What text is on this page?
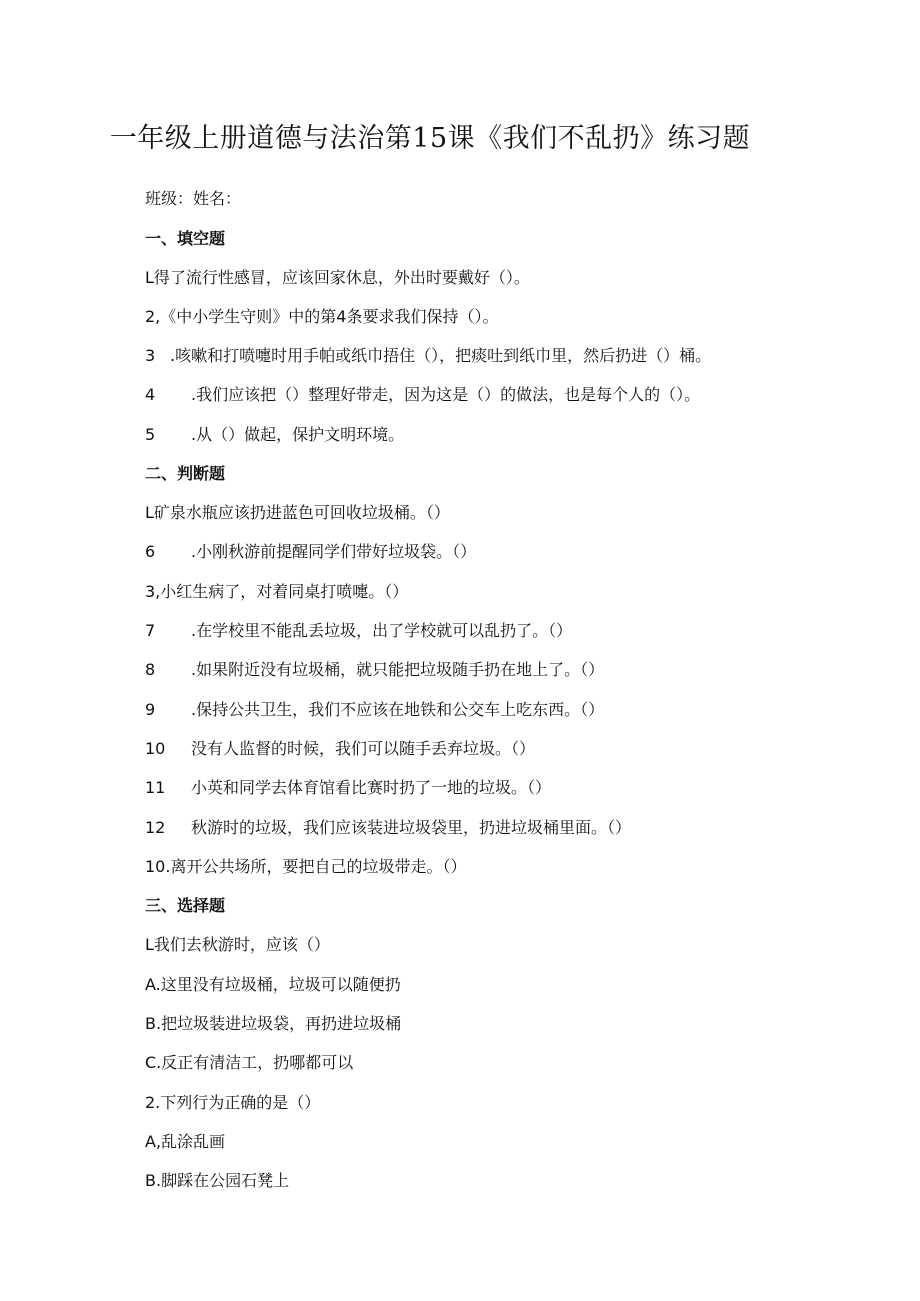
一年级上册道德与法治第15课《我们不乱扔》练习题
班级：姓名：
一、填空题
L得了流行性感冒，应该回家休息，外出时要戴好（）。
2,《中小学生守则》中的第4条要求我们保持（）。
3 .咳嗽和打喷嚏时用手帕或纸巾捂住（），把痰吐到纸巾里，然后扔进（）桶。
4 .我们应该把（）整理好带走，因为这是（）的做法，也是每个人的（）。
5 .从（）做起，保护文明环境。
二、判断题
L矿泉水瓶应该扔进蓝色可回收垃圾桶。（）
6 .小刚秋游前提醒同学们带好垃圾袋。（）
3,小红生病了，对着同桌打喷嚏。（）
7 .在学校里不能乱丢垃圾，出了学校就可以乱扔了。（）
8 .如果附近没有垃圾桶，就只能把垃圾随手扔在地上了。（）
9 .保持公共卫生，我们不应该在地铁和公交车上吃东西。（）
10 没有人监督的时候，我们可以随手丢弃垃圾。（）
11 小英和同学去体育馆看比赛时扔了一地的垃圾。（）
12 秋游时的垃圾，我们应该装进垃圾袋里，扔进垃圾桶里面。（）
10.离开公共场所，要把自己的垃圾带走。（）
三、选择题
L我们去秋游时，应该（）
A.这里没有垃圾桶，垃圾可以随便扔
B.把垃圾装进垃圾袋，再扔进垃圾桶
C.反正有清洁工，扔哪都可以
2.下列行为正确的是（）
A,乱涂乱画
B.脚踩在公园石凳上
